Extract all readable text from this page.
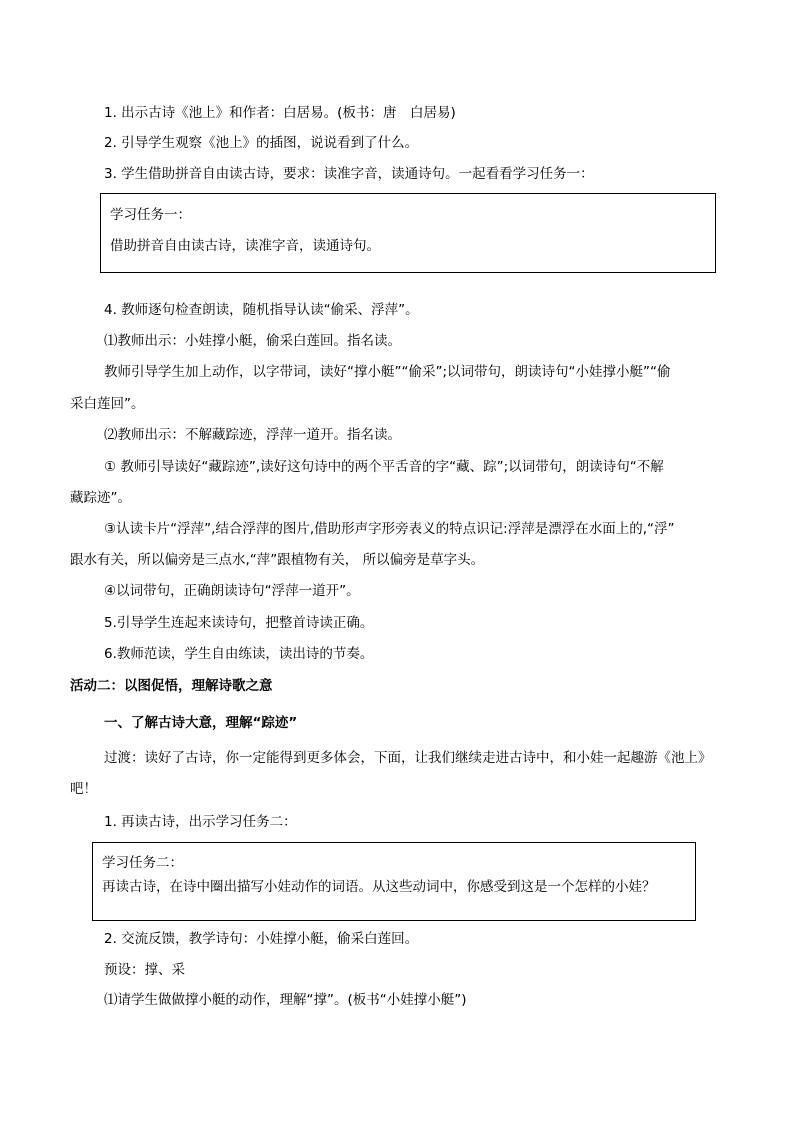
1. 出示古诗《池上》和作者：白居易。(板书：唐　白居易)
2. 引导学生观察《池上》的插图，说说看到了什么。
3. 学生借助拼音自由读古诗，要求：读准字音，读通诗句。一起看看学习任务一：
学习任务一：
借助拼音自由读古诗，读准字音，读通诗句。
4. 教师逐句检查朗读，随机指导认读“偷采、浮萍”。
⑴教师出示：小娃撑小艇，偷采白莲回。指名读。
教师引导学生加上动作，以字带词，读好“撑小艇”“偷采”;以词带句，朗读诗句“小娃撑小艇”“偷
采白莲回”。
⑵教师出示：不解藏踪迹，浮萍一道开。指名读。
① 教师引导读好“藏踪迹”,读好这句诗中的两个平舌音的字“藏、踪”;以词带句，朗读诗句“不解
藏踪迹”。
③认读卡片“浮萍”,结合浮萍的图片,借助形声字形旁表义的特点识记:浮萍是漂浮在水面上的,“浮”
跟水有关，所以偏旁是三点水,“萍”跟植物有关， 所以偏旁是草字头。
④以词带句，正确朗读诗句“浮萍一道开”。
5.引导学生连起来读诗句，把整首诗读正确。
6.教师范读，学生自由练读，读出诗的节奏。
活动二：以图促悟，理解诗歌之意
一、了解古诗大意，理解“踪迹”
过渡：读好了古诗，你一定能得到更多体会，下面，让我们继续走进古诗中，和小娃一起趣游《池上》
吧！
1. 再读古诗，出示学习任务二：
学习任务二：
再读古诗，在诗中圈出描写小娃动作的词语。从这些动词中，你感受到这是一个怎样的小娃？
2. 交流反馈，教学诗句：小娃撑小艇，偷采白莲回。
预设：撑、采
⑴请学生做做撑小艇的动作，理解“撑”。(板书“小娃撑小艇”)
